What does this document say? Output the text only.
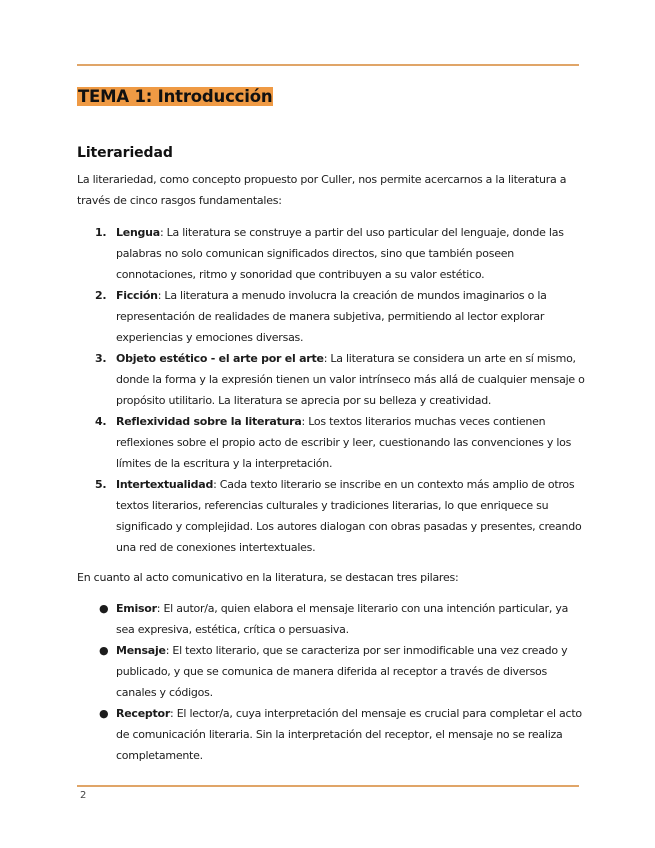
TEMA 1: Introducción
Literariedad

La literariedad, como concepto propuesto por Culler, nos permite acercarnos a la literatura a través de cinco rasgos fundamentales:

1. Lengua: La literatura se construye a partir del uso particular del lenguaje, donde las palabras no solo comunican significados directos, sino que también poseen connotaciones, ritmo y sonoridad que contribuyen a su valor estético.
2. Ficción: La literatura a menudo involucra la creación de mundos imaginarios o la representación de realidades de manera subjetiva, permitiendo al lector explorar experiencias y emociones diversas.
3. Objeto estético - el arte por el arte: La literatura se considera un arte en sí mismo, donde la forma y la expresión tienen un valor intrínseco más allá de cualquier mensaje o propósito utilitario. La literatura se aprecia por su belleza y creatividad.
4. Reflexividad sobre la literatura: Los textos literarios muchas veces contienen reflexiones sobre el propio acto de escribir y leer, cuestionando las convenciones y los límites de la escritura y la interpretación.
5. Intertextualidad: Cada texto literario se inscribe en un contexto más amplio de otros textos literarios, referencias culturales y tradiciones literarias, lo que enriquece su significado y complejidad. Los autores dialogan con obras pasadas y presentes, creando una red de conexiones intertextuales.

En cuanto al acto comunicativo en la literatura, se destacan tres pilares:

● Emisor: El autor/a, quien elabora el mensaje literario con una intención particular, ya sea expresiva, estética, crítica o persuasiva.
● Mensaje: El texto literario, que se caracteriza por ser inmodificable una vez creado y publicado, y que se comunica de manera diferida al receptor a través de diversos canales y códigos.
● Receptor: El lector/a, cuya interpretación del mensaje es crucial para completar el acto de comunicación literaria. Sin la interpretación del receptor, el mensaje no se realiza completamente.
2
